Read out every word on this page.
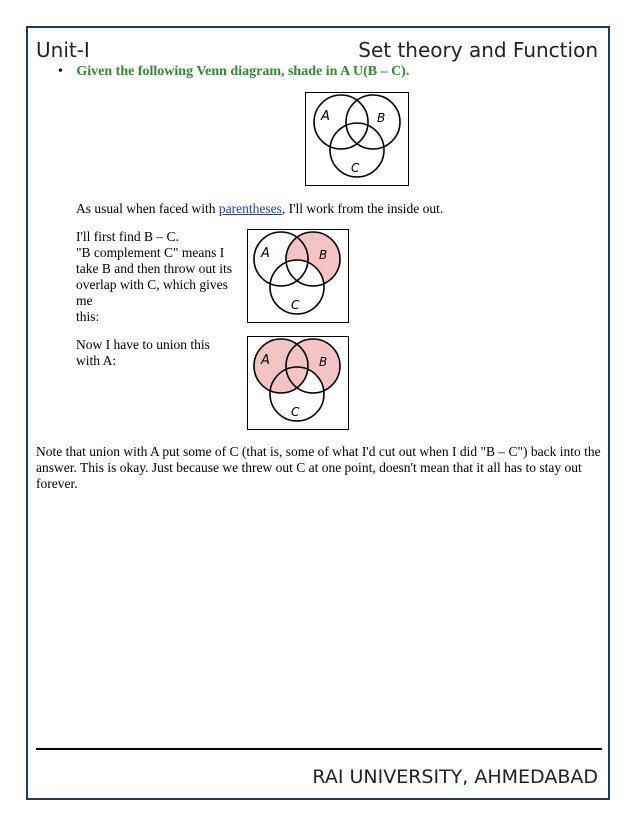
Unit-I	Set theory and Function
• Given the following Venn diagram, shade in A U(B – C).
A	B
C
As usual when faced with parentheses, I'll work from the inside out.
I'll first find B – C.
"B complement C" means I
take B and then throw out its
overlap with C, which gives me
this:
A	B
C
Now I have to union this
with A:	A	B
C
Note that union with A put some of C (that is, some of what I'd cut out when I did "B – C") back into the
answer. This is okay. Just because we threw out C at one point, doesn't mean that it all has to stay out forever.
RAI UNIVERSITY, AHMEDABAD
